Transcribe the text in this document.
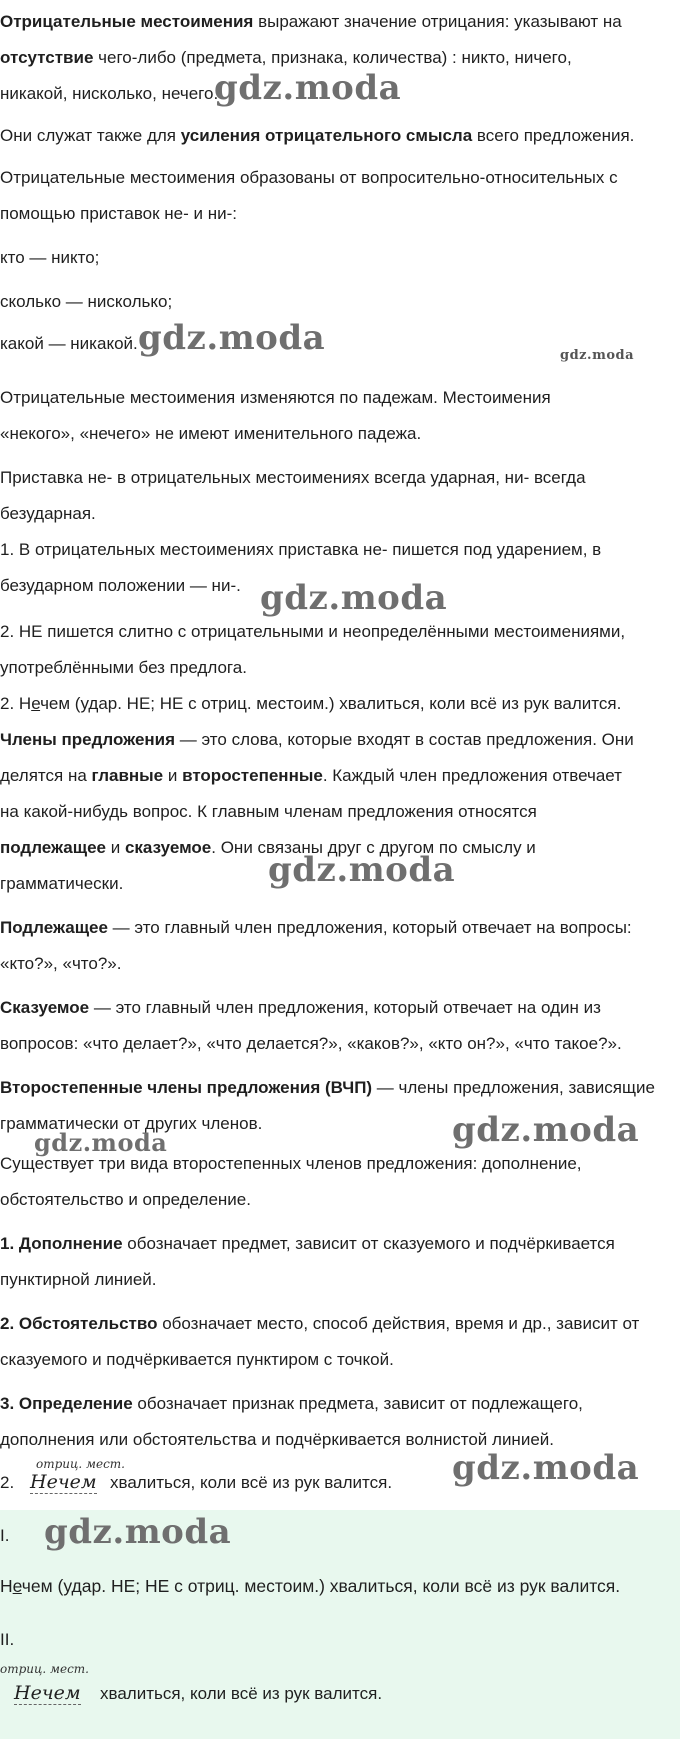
Отрицательные местоимения выражают значение отрицания: указывают на
отсутствие чего-либо (предмета, признака, количества) : никто, ничего,
никакой, нисколько, нечего.
gdz.moda
Они служат также для усиления отрицательного смысла всего предложения.
Отрицательные местоимения образованы от вопросительно-относительных с
помощью приставок не- и ни-:
кто — никто;
сколько — нисколько;
какой — никакой. gdz.moda	gdz.moda
Отрицательные местоимения изменяются по падежам. Местоимения
«некого», «нечего» не имеют именительного падежа.
Приставка не- в отрицательных местоимениях всегда ударная, ни- всегда
безударная.
1. В отрицательных местоимениях приставка не- пишется под ударением, в
безударном положении — ни-. gdz.moda
2. НЕ пишется слитно с отрицательными и неопределёнными местоимениями,
употреблёнными без предлога.
2. Нечем (удар. НЕ; НЕ с отриц. местоим.) хвалиться, коли всё из рук валится.
Члены предложения — это слова, которые входят в состав предложения. Они
делятся на главные и второстепенные. Каждый член предложения отвечает
на какой-нибудь вопрос. К главным членам предложения относятся
подлежащее и сказуемое. Они связаны друг с другом по смыслу и
грамматически.	gdz.moda
Подлежащее — это главный член предложения, который отвечает на вопросы:
«кто?», «что?».
Сказуемое — это главный член предложения, который отвечает на один из
вопросов: «что делает?», «что делается?», «каков?», «кто он?», «что такое?».
Второстепенные члены предложения (ВЧП) — члены предложения, зависящие
грамматически от других членов.
gdz.moda	gdz.moda
Существует три вида второстепенных членов предложения: дополнение,
обстоятельство и определение.
1. Дополнение обозначает предмет, зависит от сказуемого и подчёркивается
пунктирной линией.
2. Обстоятельство обозначает место, способ действия, время и др., зависит от
сказуемого и подчёркивается пунктиром с точкой.
3. Определение обозначает признак предмета, зависит от подлежащего,
дополнения или обстоятельства и подчёркивается волнистой линией.
2.
отриц. мест.
Нечем хвалиться, коли всё из рук валится. gdz.moda
I. gdz.moda
Нечем (удар. НЕ; НЕ с отриц. местоим.) хвалиться, коли всё из рук валится.
II.
отриц. мест.
Нечем хвалиться, коли всё из рук валится.
